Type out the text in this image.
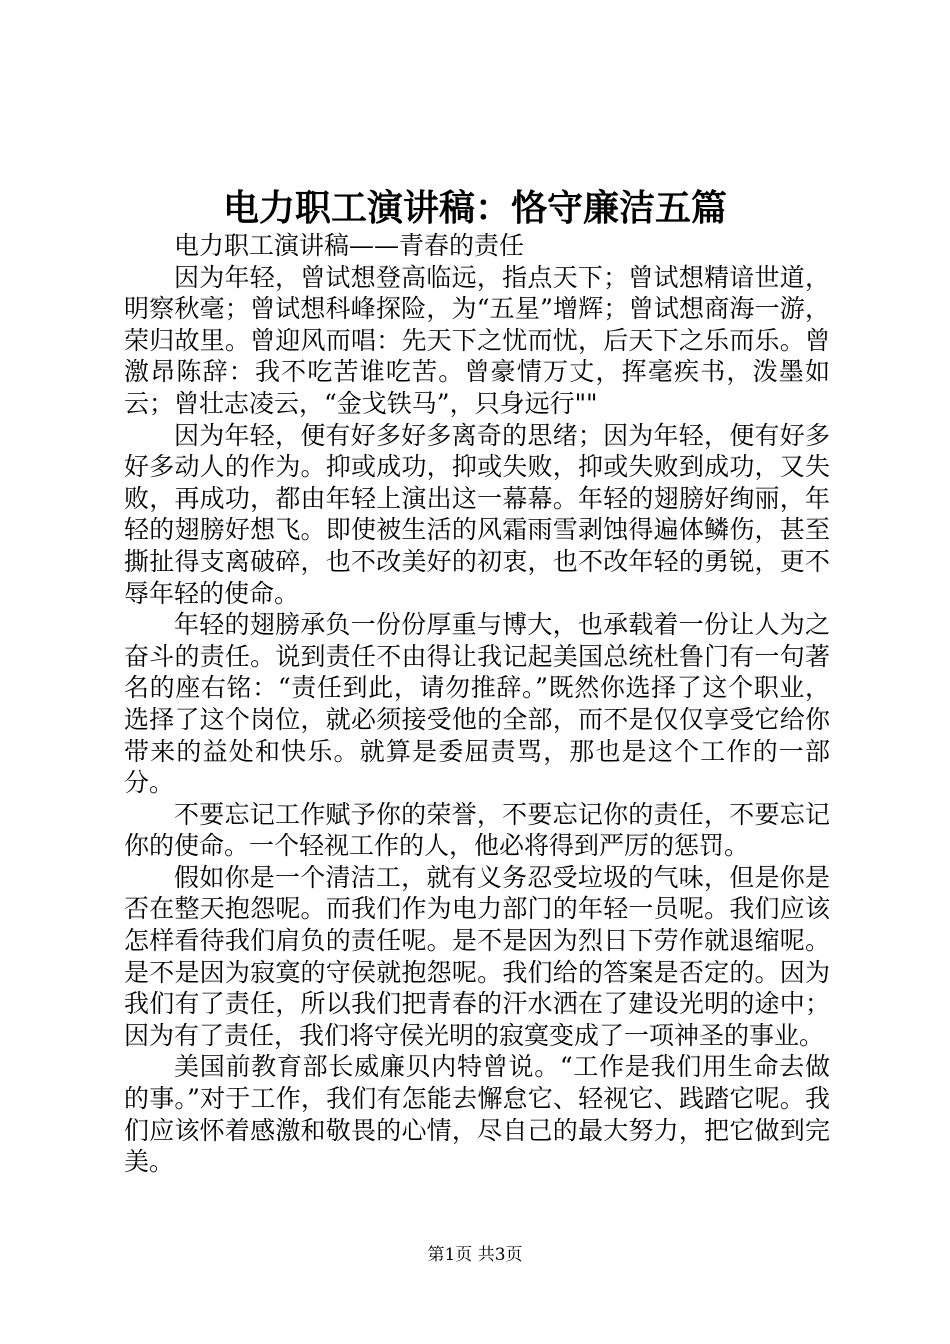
电力职工演讲稿：恪守廉洁五篇

电力职工演讲稿——青春的责任

因为年轻，曾试想登高临远，指点天下；曾试想精谙世道，明察秋毫；曾试想科峰探险，为“五星”增辉；曾试想商海一游，荣归故里。曾迎风而唱：先天下之忧而忧，后天下之乐而乐。曾激昂陈辞：我不吃苦谁吃苦。曾豪情万丈，挥毫疾书，泼墨如云；曾壮志凌云，“金戈铁马”，只身远行""

因为年轻，便有好多好多离奇的思绪；因为年轻，便有好多好多动人的作为。抑或成功，抑或失败，抑或失败到成功，又失败，再成功，都由年轻上演出这一幕幕。年轻的翅膀好绚丽，年轻的翅膀好想飞。即使被生活的风霜雨雪剥蚀得遍体鳞伤，甚至撕扯得支离破碎，也不改美好的初衷，也不改年轻的勇锐，更不辱年轻的使命。

年轻的翅膀承负一份份厚重与博大，也承载着一份让人为之奋斗的责任。说到责任不由得让我记起美国总统杜鲁门有一句著名的座右铭：“责任到此，请勿推辞。”既然你选择了这个职业，选择了这个岗位，就必须接受他的全部，而不是仅仅享受它给你带来的益处和快乐。就算是委屈责骂，那也是这个工作的一部分。

不要忘记工作赋予你的荣誉，不要忘记你的责任，不要忘记你的使命。一个轻视工作的人，他必将得到严厉的惩罚。

假如你是一个清洁工，就有义务忍受垃圾的气味，但是你是否在整天抱怨呢。而我们作为电力部门的年轻一员呢。我们应该怎样看待我们肩负的责任呢。是不是因为烈日下劳作就退缩呢。是不是因为寂寞的守侯就抱怨呢。我们给的答案是否定的。因为我们有了责任，所以我们把青春的汗水洒在了建设光明的途中；因为有了责任，我们将守侯光明的寂寞变成了一项神圣的事业。

美国前教育部长威廉贝内特曾说。“工作是我们用生命去做的事。”对于工作，我们有怎能去懈怠它、轻视它、践踏它呢。我们应该怀着感激和敬畏的心情，尽自己的最大努力，把它做到完美。

第1页 共3页
